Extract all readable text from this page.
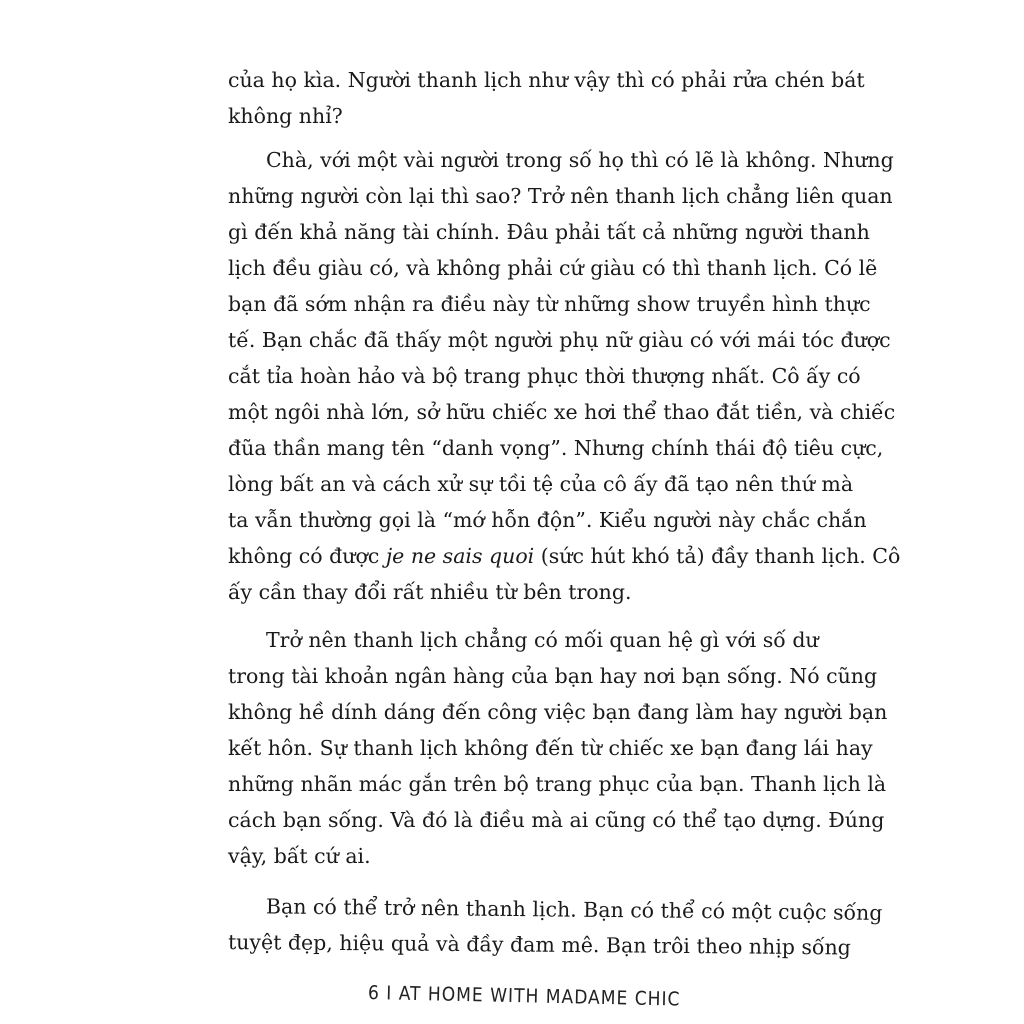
của họ kìa. Người thanh lịch như vậy thì có phải rửa chén bát
không nhỉ?

Chà, với một vài người trong số họ thì có lẽ là không. Nhưng
những người còn lại thì sao? Trở nên thanh lịch chẳng liên quan
gì đến khả năng tài chính. Đâu phải tất cả những người thanh
lịch đều giàu có, và không phải cứ giàu có thì thanh lịch. Có lẽ
bạn đã sớm nhận ra điều này từ những show truyền hình thực
tế. Bạn chắc đã thấy một người phụ nữ giàu có với mái tóc được
cắt tỉa hoàn hảo và bộ trang phục thời thượng nhất. Cô ấy có
một ngôi nhà lớn, sở hữu chiếc xe hơi thể thao đắt tiền, và chiếc
đũa thần mang tên “danh vọng”. Nhưng chính thái độ tiêu cực,
lòng bất an và cách xử sự tồi tệ của cô ấy đã tạo nên thứ mà
ta vẫn thường gọi là “mớ hỗn độn”. Kiểu người này chắc chắn
không có được je ne sais quoi (sức hút khó tả) đầy thanh lịch. Cô
ấy cần thay đổi rất nhiều từ bên trong.

Trở nên thanh lịch chẳng có mối quan hệ gì với số dư
trong tài khoản ngân hàng của bạn hay nơi bạn sống. Nó cũng
không hề dính dáng đến công việc bạn đang làm hay người bạn
kết hôn. Sự thanh lịch không đến từ chiếc xe bạn đang lái hay
những nhãn mác gắn trên bộ trang phục của bạn. Thanh lịch là
cách bạn sống. Và đó là điều mà ai cũng có thể tạo dựng. Đúng
vậy, bất cứ ai.

Bạn có thể trở nên thanh lịch. Bạn có thể có một cuộc sống
tuyệt đẹp, hiệu quả và đầy đam mê. Bạn trôi theo nhịp sống

6 I AT HOME WITH MADAME CHIC
